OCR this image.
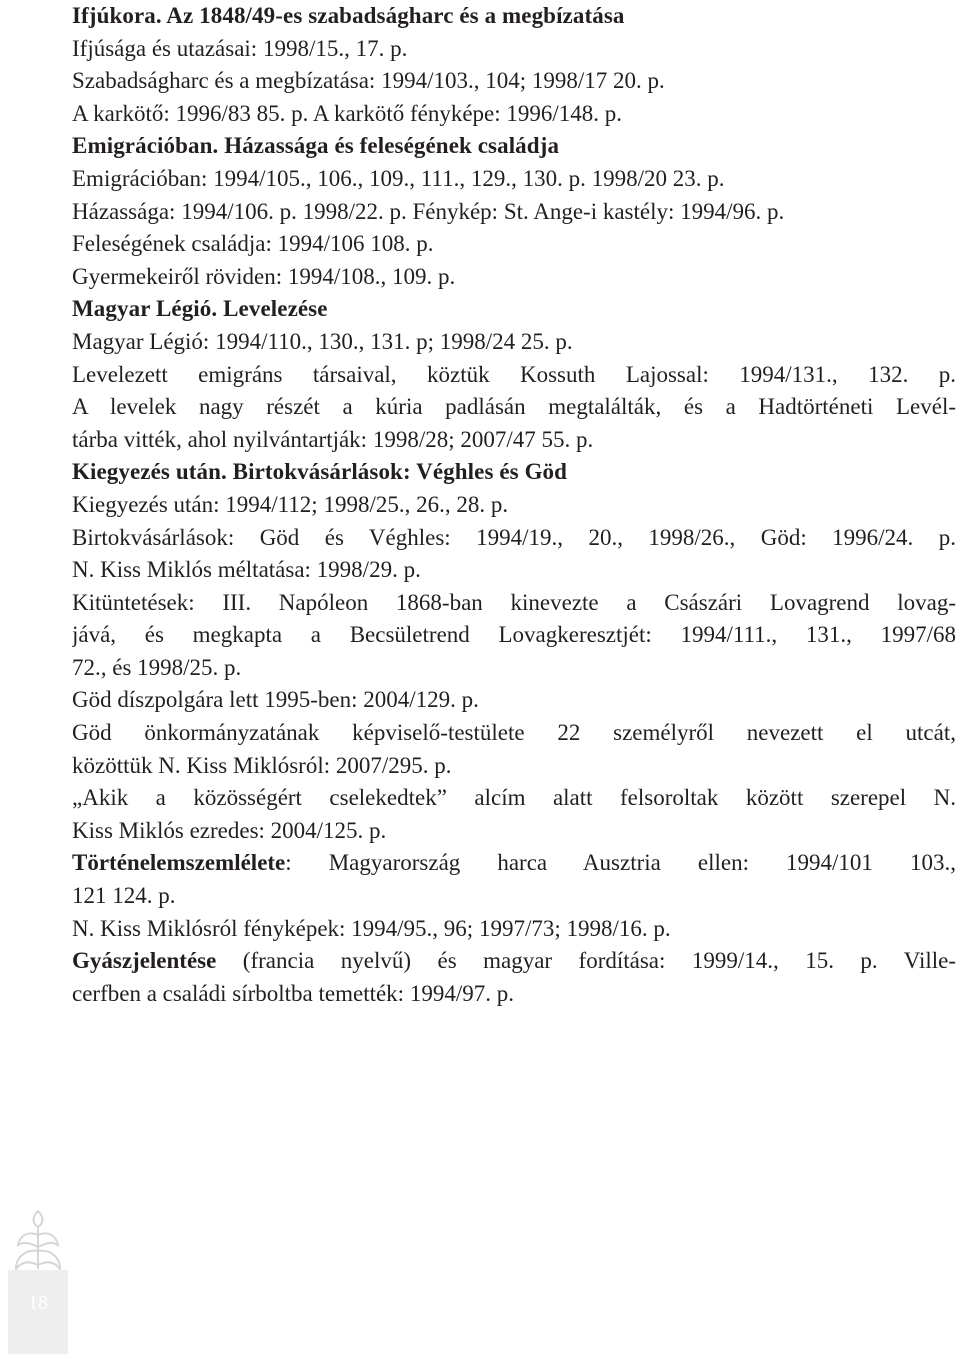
Ifjúkora. Az 1848/49-es szabadságharc és a megbízatása
Ifjúsága és utazásai: 1998/15., 17. p.
Szabadságharc és a megbízatása: 1994/103., 104; 1998/17 20. p.
A karkötő: 1996/83 85. p. A karkötő fényképe: 1996/148. p.
Emigrációban. Házassága és feleségének családja
Emigrációban: 1994/105., 106., 109., 111., 129., 130. p. 1998/20 23. p.
Házassága: 1994/106. p. 1998/22. p. Fénykép: St. Ange-i kastély: 1994/96. p.
Feleségének családja: 1994/106 108. p.
Gyermekeiről röviden: 1994/108., 109. p.
Magyar Légió. Levelezése
Magyar Légió: 1994/110., 130., 131. p; 1998/24 25. p.
Levelezett emigráns társaival, köztük Kossuth Lajossal: 1994/131., 132. p.
A levelek nagy részét a kúria padlásán megtalálták, és a Hadtörténeti Levél-
tárba vitték, ahol nyilvántartják: 1998/28; 2007/47 55. p.
Kiegyezés után. Birtokvásárlások: Véghles és Göd
Kiegyezés után: 1994/112; 1998/25., 26., 28. p.
Birtokvásárlások: Göd és Véghles: 1994/19., 20., 1998/26., Göd: 1996/24. p.
N. Kiss Miklós méltatása: 1998/29. p.
Kitüntetések: III. Napóleon 1868-ban kinevezte a Császári Lovagrend lovag-
jává, és megkapta a Becsületrend Lovagkeresztjét: 1994/111., 131., 1997/68
72., és 1998/25. p.
Göd díszpolgára lett 1995-ben: 2004/129. p.
Göd önkormányzatának képviselő-testülete 22 személyről nevezett el utcát,
közöttük N. Kiss Miklósról: 2007/295. p.
„Akik a közösségért cselekedtek” alcím alatt felsoroltak között szerepel N.
Kiss Miklós ezredes: 2004/125. p.
Történelemszemlélete: Magyarország harca Ausztria ellen: 1994/101 103.,
121 124. p.
N. Kiss Miklósról fényképek: 1994/95., 96; 1997/73; 1998/16. p.
Gyászjelentése (francia nyelvű) és magyar fordítása: 1999/14., 15. p. Ville-
cerfben a családi sírboltba temették: 1994/97. p.
18
